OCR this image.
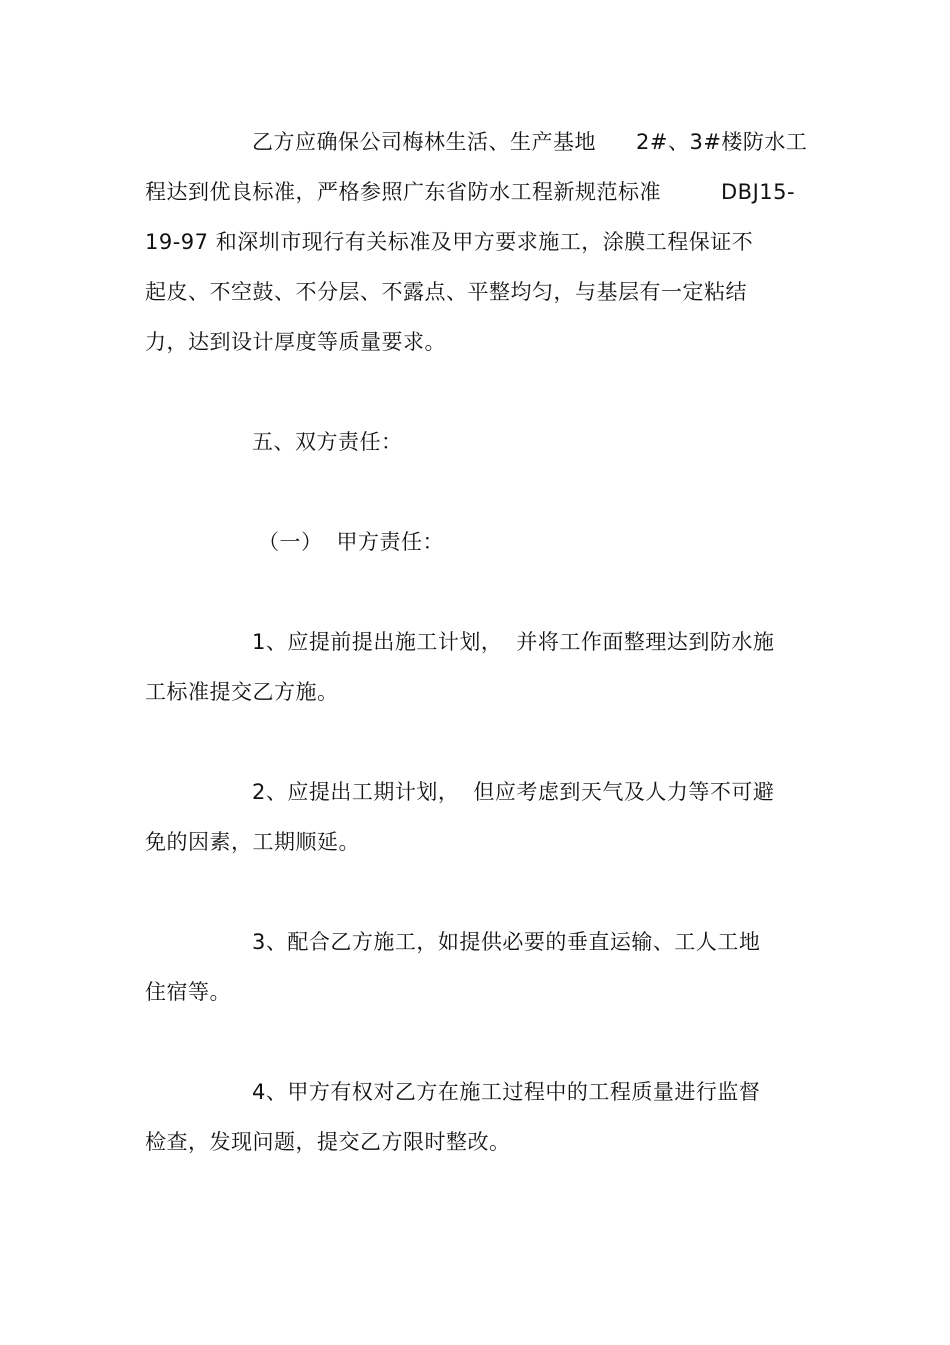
乙方应确保公司梅林生活、生产基地 2#、3#楼防水工
程达到优良标准，严格参照广东省防水工程新规范标准	DBJ15-
19-97 和深圳市现行有关标准及甲方要求施工，涂膜工程保证不
起皮、不空鼓、不分层、不露点、平整均匀，与基层有一定粘结
力，达到设计厚度等质量要求。
五、双方责任：
（一） 甲方责任：
1、应提前提出施工计划， 并将工作面整理达到防水施
工标准提交乙方施。
2、应提出工期计划， 但应考虑到天气及人力等不可避
免的因素，工期顺延。
3、配合乙方施工，如提供必要的垂直运输、工人工地
住宿等。
4、甲方有权对乙方在施工过程中的工程质量进行监督
检查，发现问题，提交乙方限时整改。
